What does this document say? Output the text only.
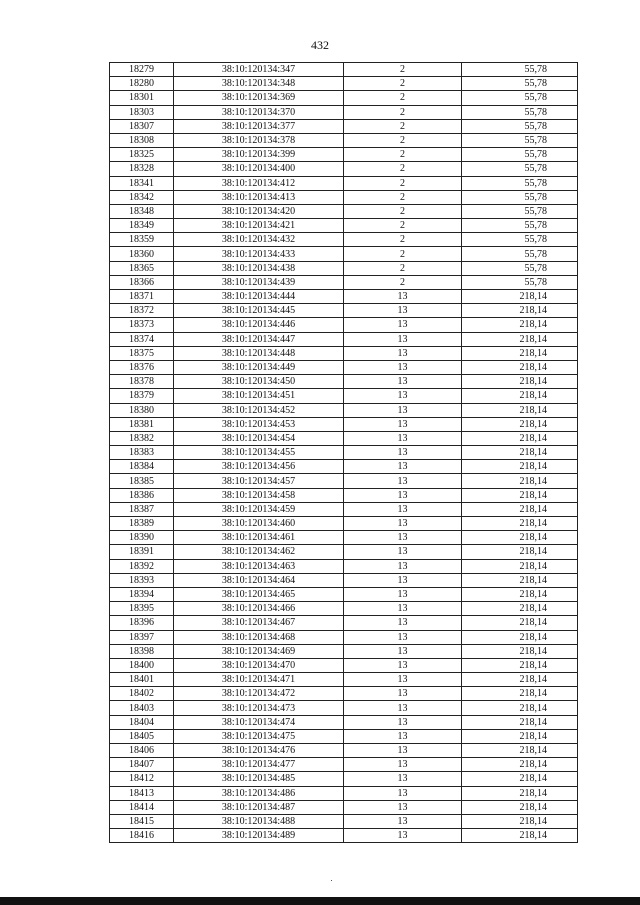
432
18279	38:10:120134:347	2	55,78
18280	38:10:120134:348	2	55,78
18301	38:10:120134:369	2	55,78
18303	38:10:120134:370	2	55,78
18307	38:10:120134:377	2	55,78
18308	38:10:120134:378	2	55,78
18325	38:10:120134:399	2	55,78
18328	38:10:120134:400	2	55,78
18341	38:10:120134:412	2	55,78
18342	38:10:120134:413	2	55,78
18348	38:10:120134:420	2	55,78
18349	38:10:120134:421	2	55,78
18359	38:10:120134:432	2	55,78
18360	38:10:120134:433	2	55,78
18365	38:10:120134:438	2	55,78
18366	38:10:120134:439	2	55,78
18371	38:10:120134:444	13	218,14
18372	38:10:120134:445	13	218,14
18373	38:10:120134:446	13	218,14
18374	38:10:120134:447	13	218,14
18375	38:10:120134:448	13	218,14
18376	38:10:120134:449	13	218,14
18378	38:10:120134:450	13	218,14
18379	38:10:120134:451	13	218,14
18380	38:10:120134:452	13	218,14
18381	38:10:120134:453	13	218,14
18382	38:10:120134:454	13	218,14
18383	38:10:120134:455	13	218,14
18384	38:10:120134:456	13	218,14
18385	38:10:120134:457	13	218,14
18386	38:10:120134:458	13	218,14
18387	38:10:120134:459	13	218,14
18389	38:10:120134:460	13	218,14
18390	38:10:120134:461	13	218,14
18391	38:10:120134:462	13	218,14
18392	38:10:120134:463	13	218,14
18393	38:10:120134:464	13	218,14
18394	38:10:120134:465	13	218,14
18395	38:10:120134:466	13	218,14
18396	38:10:120134:467	13	218,14
18397	38:10:120134:468	13	218,14
18398	38:10:120134:469	13	218,14
18400	38:10:120134:470	13	218,14
18401	38:10:120134:471	13	218,14
18402	38:10:120134:472	13	218,14
18403	38:10:120134:473	13	218,14
18404	38:10:120134:474	13	218,14
18405	38:10:120134:475	13	218,14
18406	38:10:120134:476	13	218,14
18407	38:10:120134:477	13	218,14
18412	38:10:120134:485	13	218,14
18413	38:10:120134:486	13	218,14
18414	38:10:120134:487	13	218,14
18415	38:10:120134:488	13	218,14
18416	38:10:120134:489	13	218,14
